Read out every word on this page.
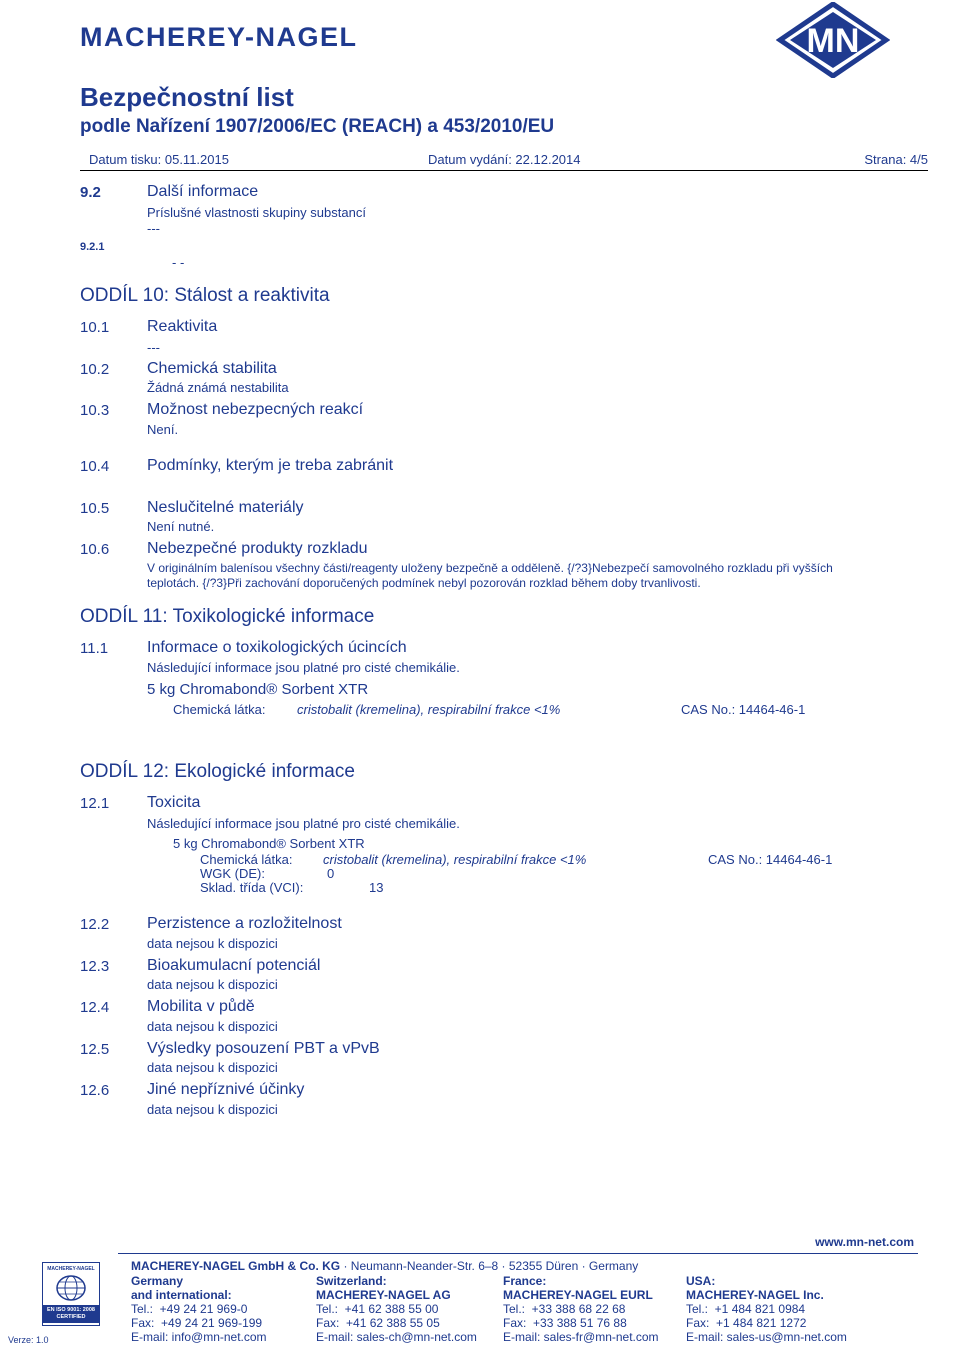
MACHEREY-NAGEL	MN
Bezpečnostní list
podle Nařízení 1907/2006/EC (REACH) a 453/2010/EU
Datum tisku: 05.11.2015	Datum vydání: 22.12.2014	Strana: 4/5
9.2	Další informace
Príslušné vlastnosti skupiny substancí
---
9.2.1
- -
ODDÍL 10: Stálost a reaktivita
10.1 Reaktivita
---
10.2 Chemická stabilita
Žádná známá nestabilita
10.3 Možnost nebezpecných reakcí
Není.
10.4 Podmínky, kterým je treba zabránit
10.5 Neslučitelné materiály
Není nutné.
10.6 Nebezpečné produkty rozkladu
V originálním balenísou všechny části/reagenty uloženy bezpečně a odděleně. {/?3}Nebezpečí samovolného rozkladu při vyšších
teplotách. {/?3}Při zachování doporučených podmínek nebyl pozorován rozklad během doby trvanlivosti.
ODDÍL 11: Toxikologické informace
11.1 Informace o toxikologických úcincích
Následující informace jsou platné pro cisté chemikálie.
5 kg Chromabond® Sorbent XTR
Chemická látka: cristobalit (kremelina), respirabilní frakce <1%	CAS No.: 14464-46-1
ODDÍL 12: Ekologické informace
12.1 Toxicita
Následující informace jsou platné pro cisté chemikálie.
5 kg Chromabond® Sorbent XTR
Chemická látka: cristobalit (kremelina), respirabilní frakce <1%	CAS No.: 14464-46-1
WGK (DE):	0
Sklad. třída (VCI):	13
12.2 Perzistence a rozložitelnost
data nejsou k dispozici
12.3 Bioakumulacní potenciál
data nejsou k dispozici
12.4 Mobilita v půdě
data nejsou k dispozici
12.5 Výsledky posouzení PBT a vPvB
data nejsou k dispozici
12.6 Jiné nepříznivé účinky
data nejsou k dispozici
www.mn-net.com
MACHEREY-NAGEL GmbH & Co. KG · Neumann-Neander-Str. 6–8 · 52355 Düren · Germany
MACHEREY-NAGEL
EN ISO 9001: 2008
CERTIFIED
Verze: 1.0
Germany
and international:
Tel.:  +49 24 21 969-0
Fax:  +49 24 21 969-199
E-mail: info@mn-net.com
Switzerland:
MACHEREY-NAGEL AG
Tel.:  +41 62 388 55 00
Fax:  +41 62 388 55 05
E-mail: sales-ch@mn-net.com
France:
MACHEREY-NAGEL EURL
Tel.:  +33 388 68 22 68
Fax:  +33 388 51 76 88
E-mail: sales-fr@mn-net.com
USA:
MACHEREY-NAGEL Inc.
Tel.:  +1 484 821 0984
Fax:  +1 484 821 1272
E-mail: sales-us@mn-net.com
